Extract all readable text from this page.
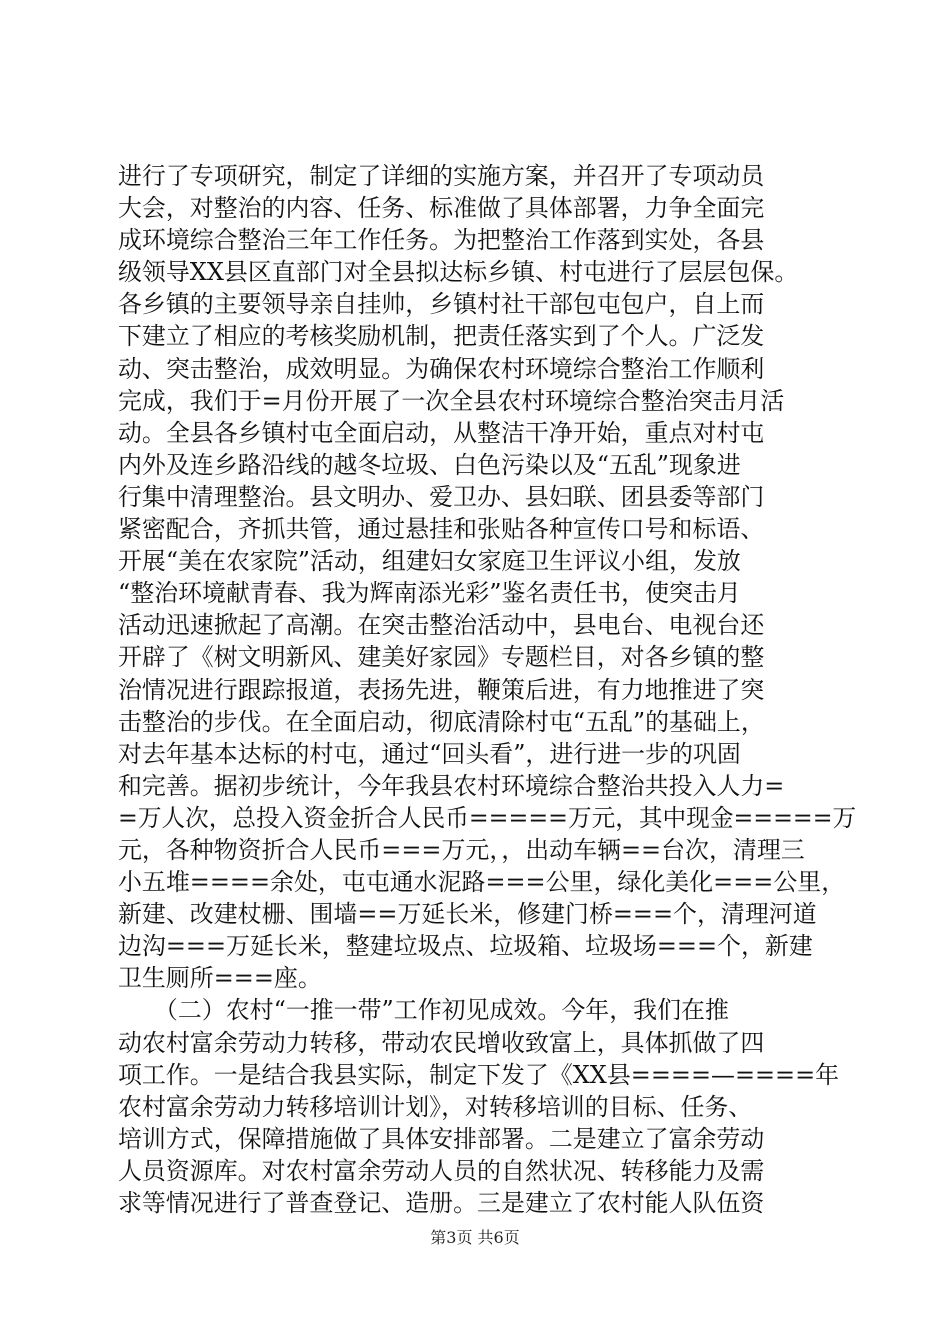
进行了专项研究，制定了详细的实施方案，并召开了专项动员
大会，对整治的内容、任务、标准做了具体部署，力争全面完
成环境综合整治三年工作任务。为把整治工作落到实处，各县
级领导XX县区直部门对全县拟达标乡镇、村屯进行了层层包保。
各乡镇的主要领导亲自挂帅，乡镇村社干部包屯包户，自上而
下建立了相应的考核奖励机制，把责任落实到了个人。广泛发
动、突击整治，成效明显。为确保农村环境综合整治工作顺利
完成，我们于=月份开展了一次全县农村环境综合整治突击月活
动。全县各乡镇村屯全面启动，从整洁干净开始，重点对村屯
内外及连乡路沿线的越冬垃圾、白色污染以及“五乱”现象进
行集中清理整治。县文明办、爱卫办、县妇联、团县委等部门
紧密配合，齐抓共管，通过悬挂和张贴各种宣传口号和标语、
开展“美在农家院”活动，组建妇女家庭卫生评议小组，发放
“整治环境献青春、我为辉南添光彩”鉴名责任书，使突击月
活动迅速掀起了高潮。在突击整治活动中，县电台、电视台还
开辟了《树文明新风、建美好家园》专题栏目，对各乡镇的整
治情况进行跟踪报道，表扬先进，鞭策后进，有力地推进了突
击整治的步伐。在全面启动，彻底清除村屯“五乱”的基础上，
对去年基本达标的村屯，通过“回头看”，进行进一步的巩固
和完善。据初步统计，今年我县农村环境综合整治共投入人力=
=万人次，总投入资金折合人民币=====万元，其中现金=====万
元，各种物资折合人民币===万元，，出动车辆==台次，清理三
小五堆====余处，屯屯通水泥路===公里，绿化美化===公里，
新建、改建杖栅、围墙==万延长米，修建门桥===个，清理河道
边沟===万延长米，整建垃圾点、垃圾箱、垃圾场===个，新建
卫生厕所===座。
　　（二）农村“一推一带”工作初见成效。今年，我们在推
动农村富余劳动力转移，带动农民增收致富上，具体抓做了四
项工作。一是结合我县实际，制定下发了《XX县====—====年
农村富余劳动力转移培训计划》，对转移培训的目标、任务、
培训方式，保障措施做了具体安排部署。二是建立了富余劳动
人员资源库。对农村富余劳动人员的自然状况、转移能力及需
求等情况进行了普查登记、造册。三是建立了农村能人队伍资
第3页 共6页
